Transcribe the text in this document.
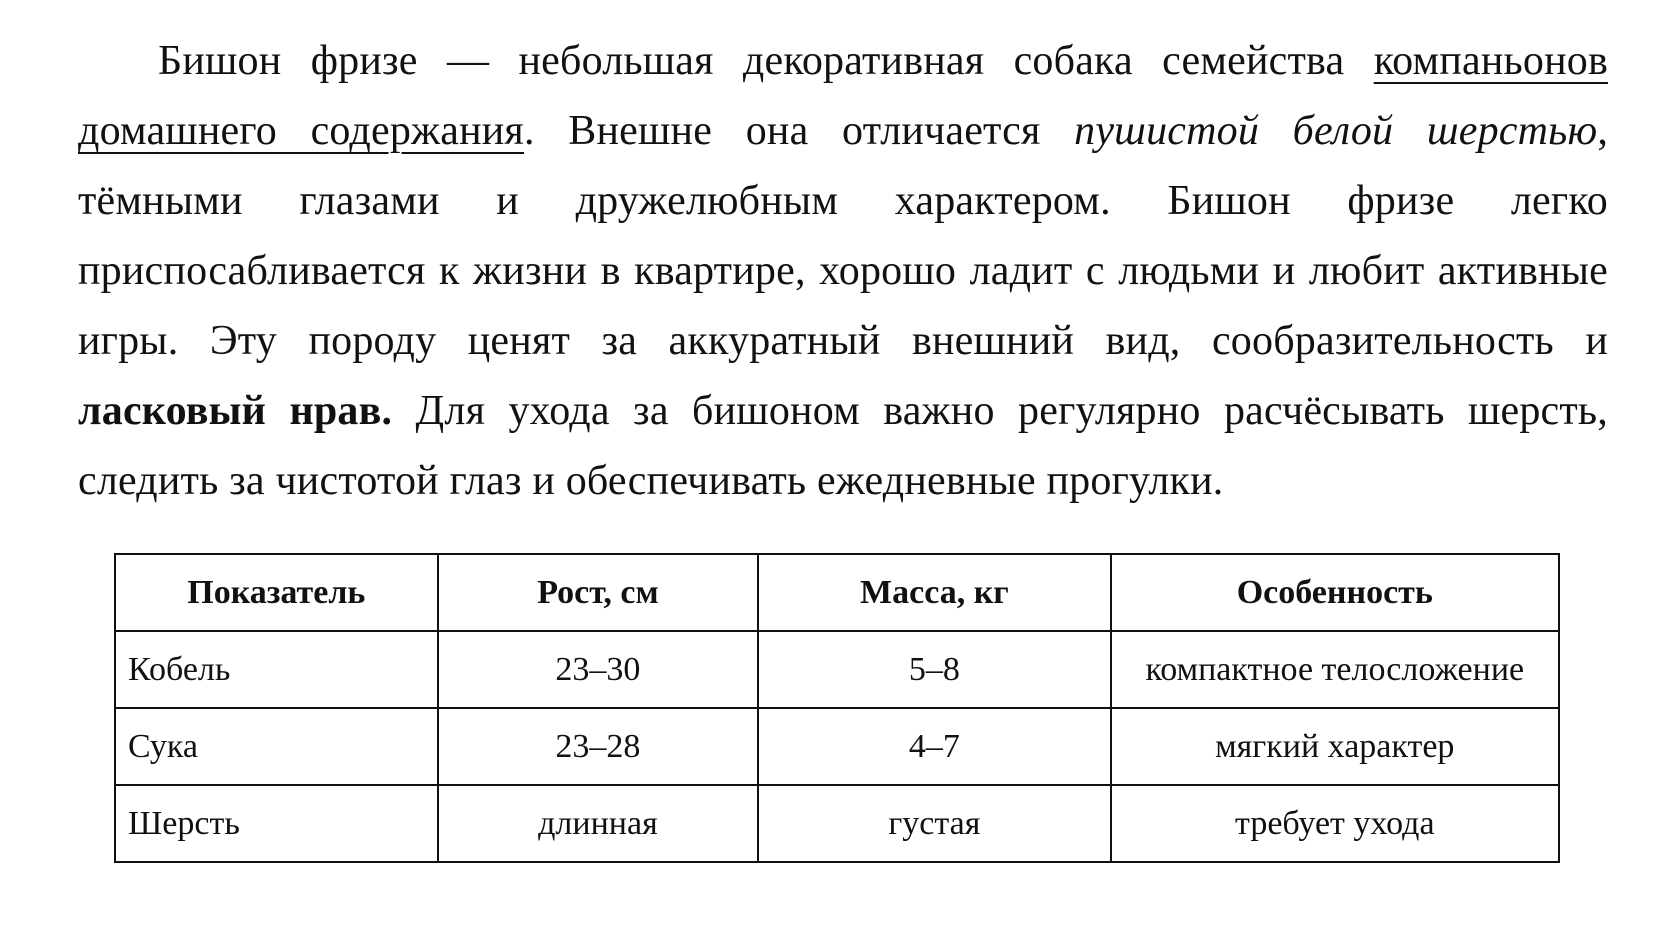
Бишон фризе — небольшая декоративная собака семейства компаньонов домашнего содержания. Внешне она отличается пушистой белой шерстью, тёмными глазами и дружелюбным характером. Бишон фризе легко приспосабливается к жизни в квартире, хорошо ладит с людьми и любит активные игры. Эту породу ценят за аккуратный внешний вид, сообразительность и ласковый нрав. Для ухода за бишоном важно регулярно расчёсывать шерсть, следить за чистотой глаз и обеспечивать ежедневные прогулки.

Показатель	Рост, см	Масса, кг	Особенность
Кобель	23–30	5–8	компактное телосложение
Сука	23–28	4–7	мягкий характер
Шерсть	длинная	густая	требует ухода
